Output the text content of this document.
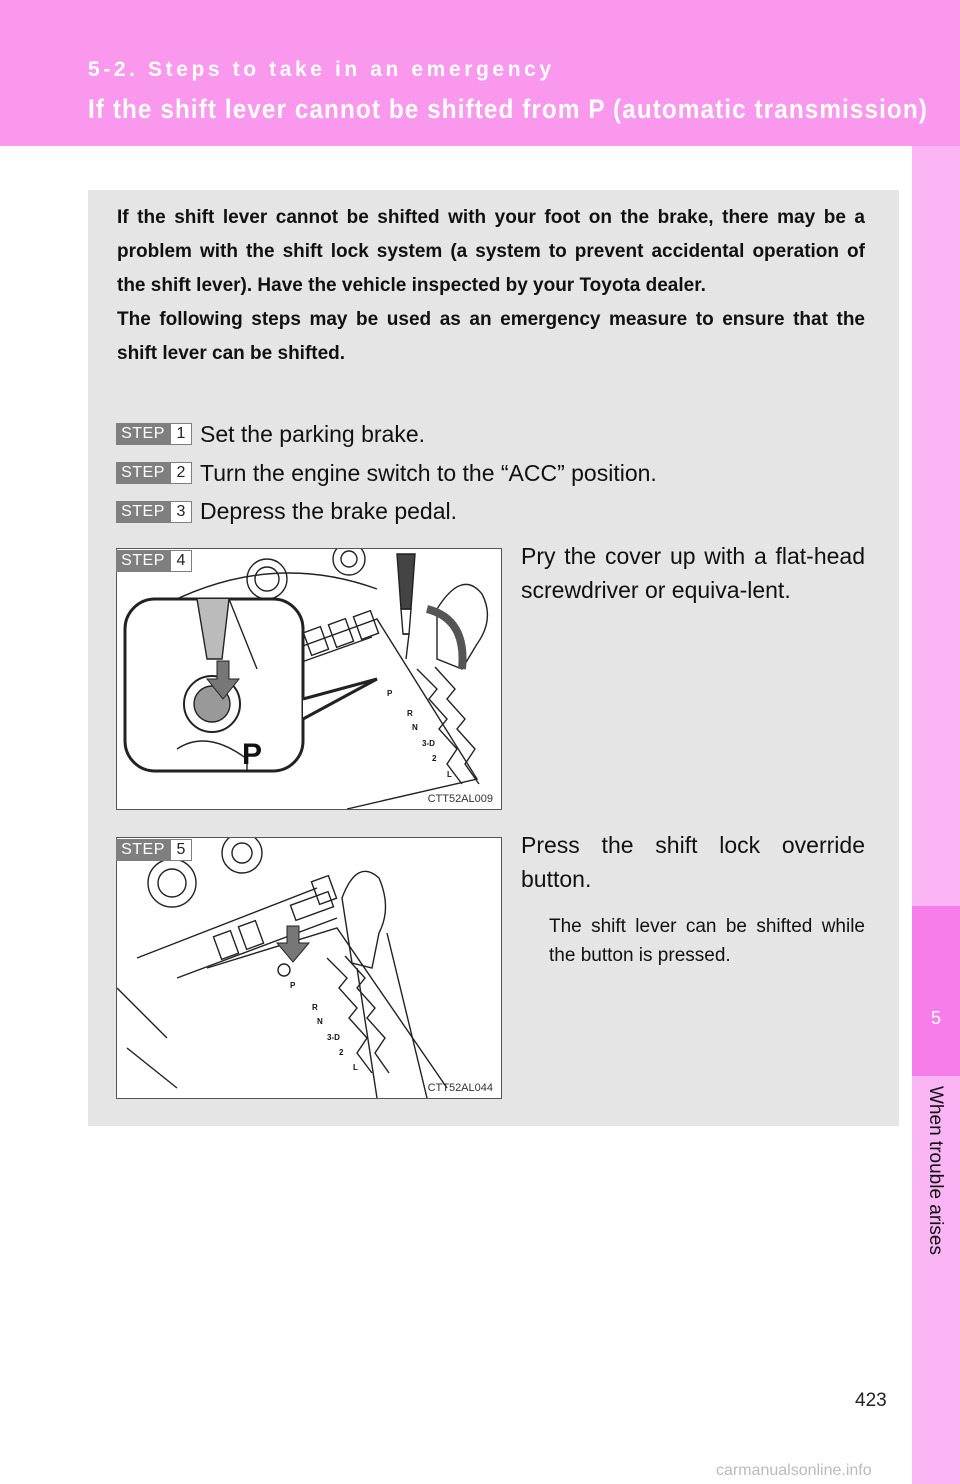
5-2. Steps to take in an emergency
If the shift lever cannot be shifted from P (automatic transmission)
5
When trouble arises

If the shift lever cannot be shifted with your foot on the brake, there may be a problem with the shift lock system (a system to prevent accidental operation of the shift lever). Have the vehicle inspected by your Toyota dealer.

The following steps may be used as an emergency measure to ensure that the shift lever can be shifted.

STEP 1 Set the parking brake.
STEP 2 Turn the engine switch to the “ACC” position.
STEP 3 Depress the brake pedal.
P
P
R
N
3-D
2
L
CTT52AL009
STEP 4	Pry the cover up with a flat-head screwdriver or equiva-lent.

P
R
N
3-D
2
L
CTT52AL044
STEP 5	Press the shift lock override button.

The shift lever can be shifted while the button is pressed.
423
carmanualsonline.info
